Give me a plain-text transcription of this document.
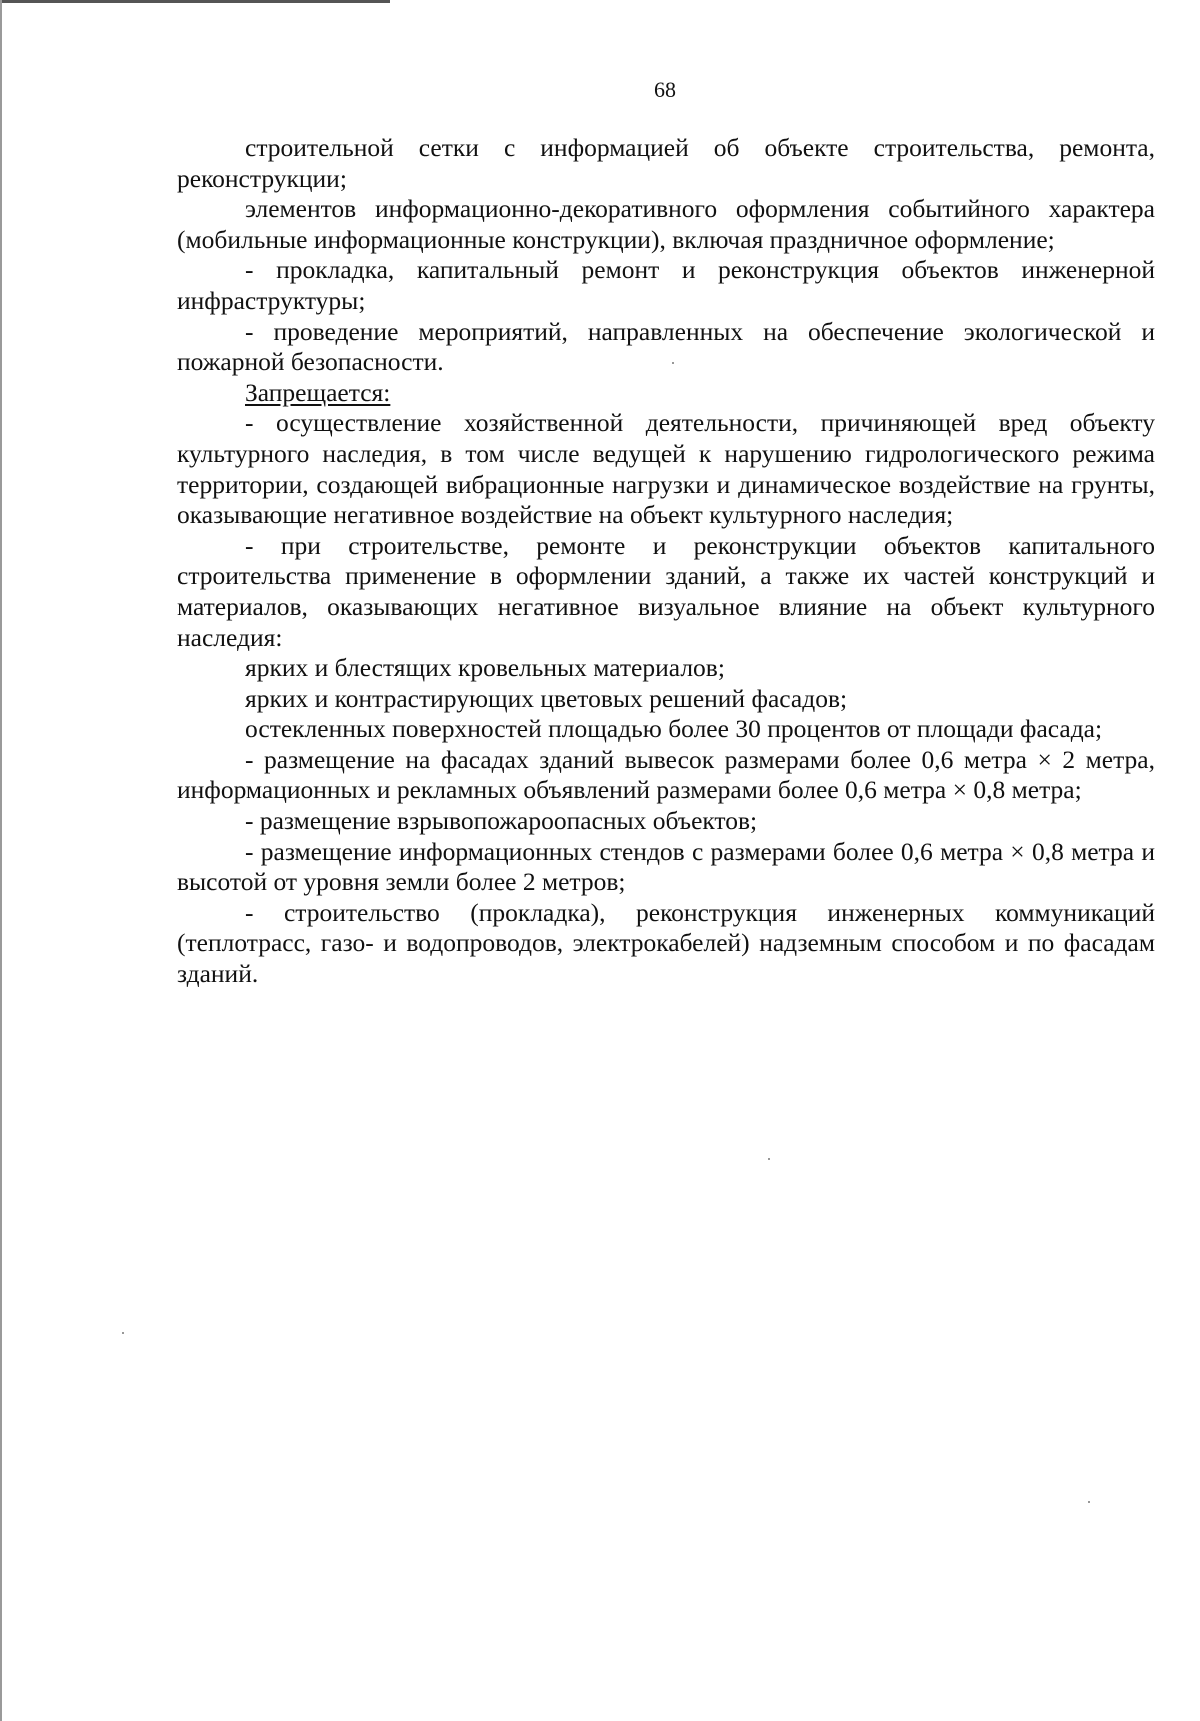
68

строительной сетки с информацией об объекте строительства, ремонта, реконструкции;

элементов информационно-декоративного оформления событийного характера (мобильные информационные конструкции), включая праздничное оформление;

- прокладка, капитальный ремонт и реконструкция объектов инженерной инфраструктуры;

- проведение мероприятий, направленных на обеспечение экологической и пожарной безопасности.

Запрещается:

- осуществление хозяйственной деятельности, причиняющей вред объекту культурного наследия, в том числе ведущей к нарушению гидрологического режима территории, создающей вибрационные нагрузки и динамическое воздействие на грунты, оказывающие негативное воздействие на объект культурного наследия;

- при строительстве, ремонте и реконструкции объектов капитального строительства применение в оформлении зданий, а также их частей конструкций и материалов, оказывающих негативное визуальное влияние на объект культурного наследия:

ярких и блестящих кровельных материалов;

ярких и контрастирующих цветовых решений фасадов;

остекленных поверхностей площадью более 30 процентов от площади фасада;

- размещение на фасадах зданий вывесок размерами более 0,6 метра × 2 метра, информационных и рекламных объявлений размерами более 0,6 метра × 0,8 метра;

- размещение взрывопожароопасных объектов;

- размещение информационных стендов с размерами более 0,6 метра × 0,8 метра и высотой от уровня земли более 2 метров;

- строительство (прокладка), реконструкция инженерных коммуникаций (теплотрасс, газо- и водопроводов, электрокабелей) надземным способом и по фасадам зданий.
